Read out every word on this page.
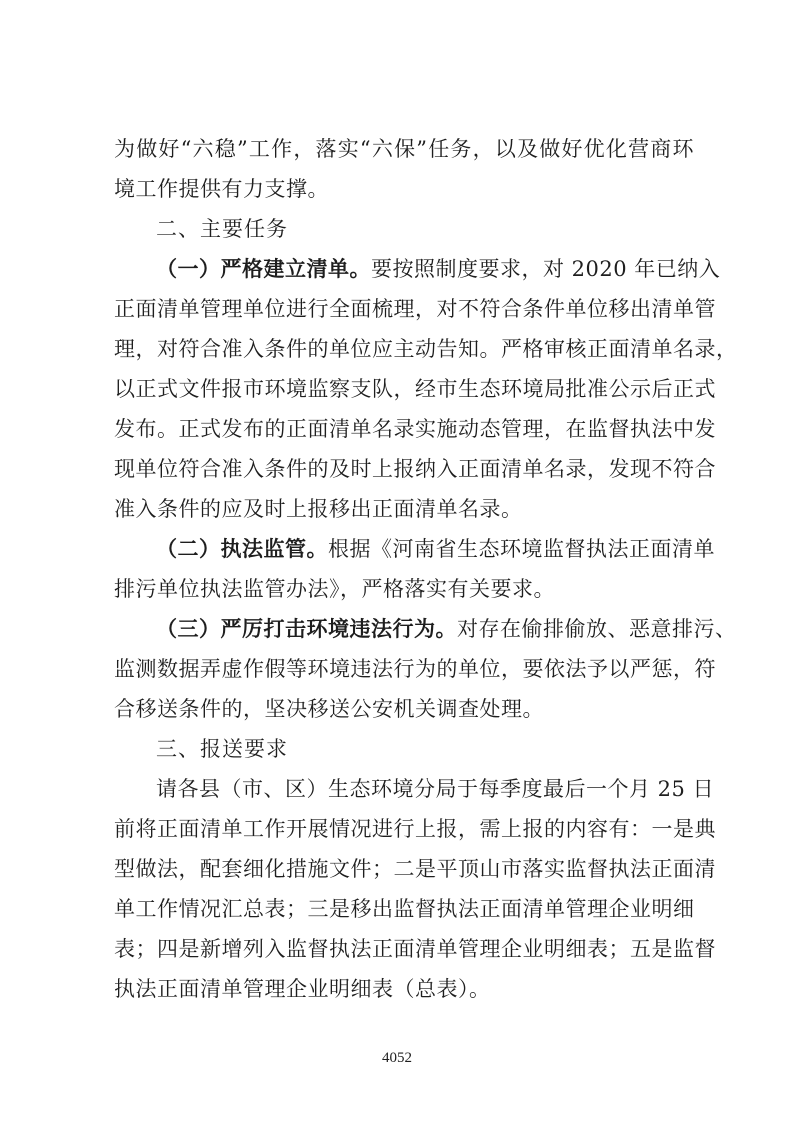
为做好“六稳”工作，落实“六保”任务，以及做好优化营商环
境工作提供有力支撑。
二、主要任务
（一）严格建立清单。要按照制度要求，对 2020 年已纳入
正面清单管理单位进行全面梳理，对不符合条件单位移出清单管
理，对符合准入条件的单位应主动告知。严格审核正面清单名录，
以正式文件报市环境监察支队，经市生态环境局批准公示后正式
发布。正式发布的正面清单名录实施动态管理，在监督执法中发
现单位符合准入条件的及时上报纳入正面清单名录，发现不符合
准入条件的应及时上报移出正面清单名录。
（二）执法监管。根据《河南省生态环境监督执法正面清单
排污单位执法监管办法》，严格落实有关要求。
（三）严厉打击环境违法行为。对存在偷排偷放、恶意排污、
监测数据弄虚作假等环境违法行为的单位，要依法予以严惩，符
合移送条件的，坚决移送公安机关调查处理。
三、报送要求
请各县（市、区）生态环境分局于每季度最后一个月 25 日
前将正面清单工作开展情况进行上报，需上报的内容有：一是典
型做法，配套细化措施文件；二是平顶山市落实监督执法正面清
单工作情况汇总表；三是移出监督执法正面清单管理企业明细
表；四是新增列入监督执法正面清单管理企业明细表；五是监督
执法正面清单管理企业明细表（总表）。
4052
